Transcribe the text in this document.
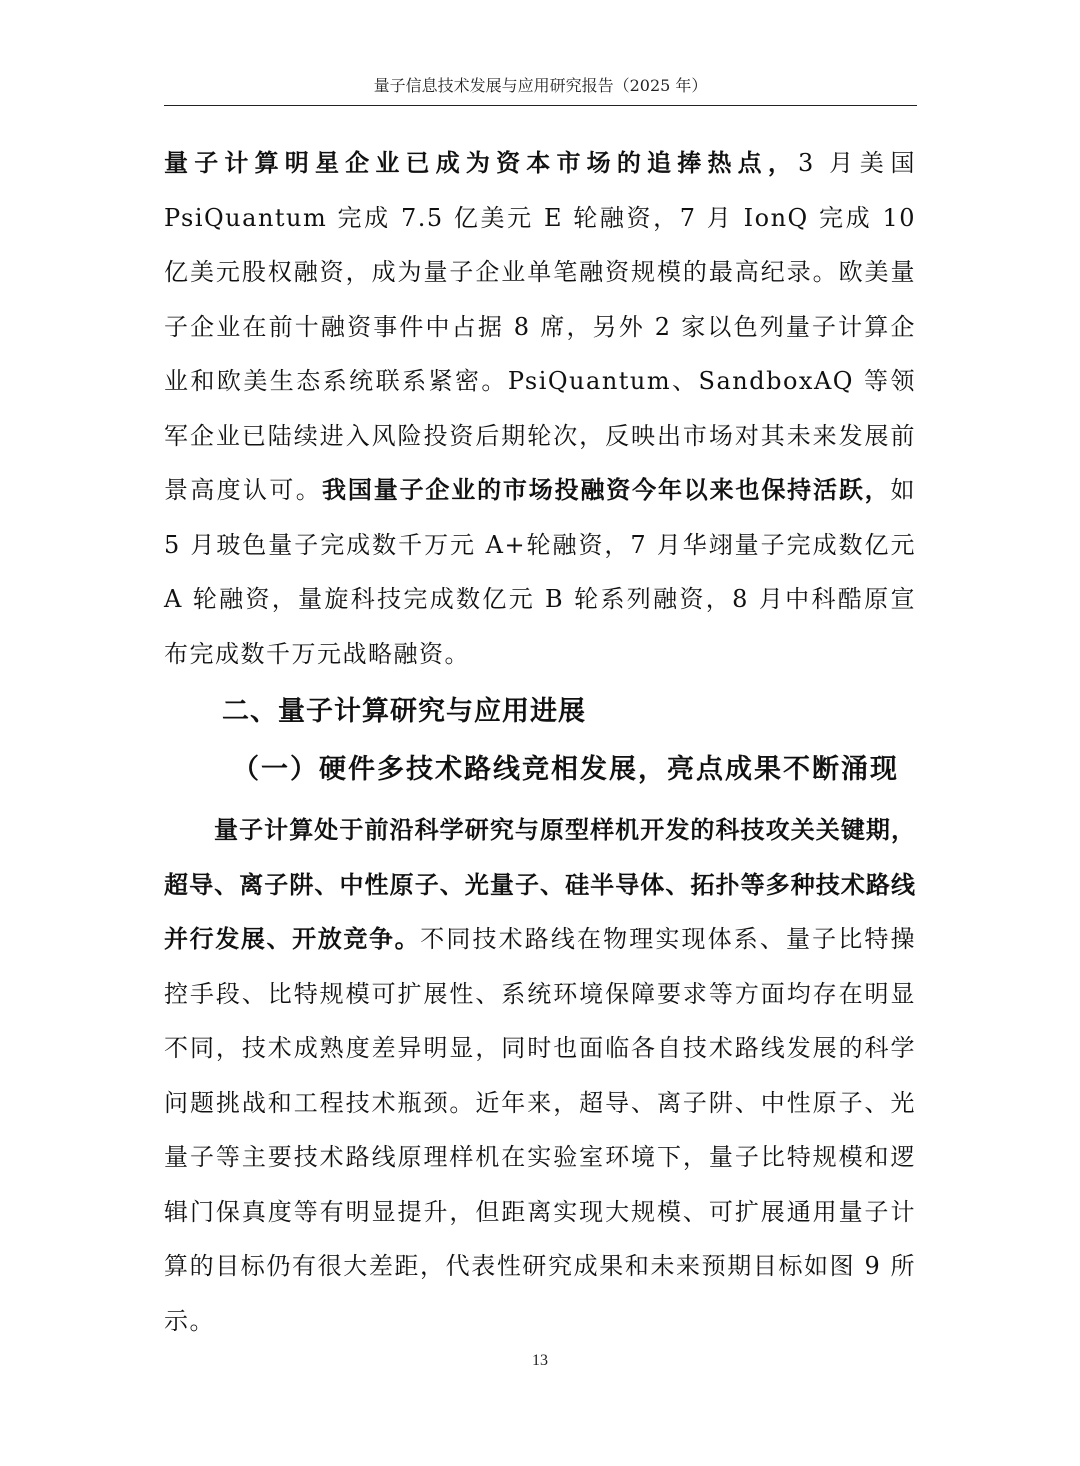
量子信息技术发展与应用研究报告（2025 年）

量子计算明星企业已成为资本市场的追捧热点，3 月美国 PsiQuantum 完成 7.5 亿美元 E 轮融资，7 月 IonQ 完成 10 亿美元股权融资，成为量子企业单笔融资规模的最高纪录。欧美量子企业在前十融资事件中占据 8 席，另外 2 家以色列量子计算企业和欧美生态系统联系紧密。PsiQuantum、SandboxAQ 等领军企业已陆续进入风险投资后期轮次，反映出市场对其未来发展前景高度认可。我国量子企业的市场投融资今年以来也保持活跃，如 5 月玻色量子完成数千万元 A+轮融资，7 月华翊量子完成数亿元 A 轮融资，量旋科技完成数亿元 B 轮系列融资，8 月中科酷原宣布完成数千万元战略融资。

二、量子计算研究与应用进展
（一）硬件多技术路线竞相发展，亮点成果不断涌现

量子计算处于前沿科学研究与原型样机开发的科技攻关关键期，超导、离子阱、中性原子、光量子、硅半导体、拓扑等多种技术路线并行发展、开放竞争。不同技术路线在物理实现体系、量子比特操控手段、比特规模可扩展性、系统环境保障要求等方面均存在明显不同，技术成熟度差异明显，同时也面临各自技术路线发展的科学问题挑战和工程技术瓶颈。近年来，超导、离子阱、中性原子、光量子等主要技术路线原理样机在实验室环境下，量子比特规模和逻辑门保真度等有明显提升，但距离实现大规模、可扩展通用量子计算的目标仍有很大差距，代表性研究成果和未来预期目标如图 9 所示。

13
